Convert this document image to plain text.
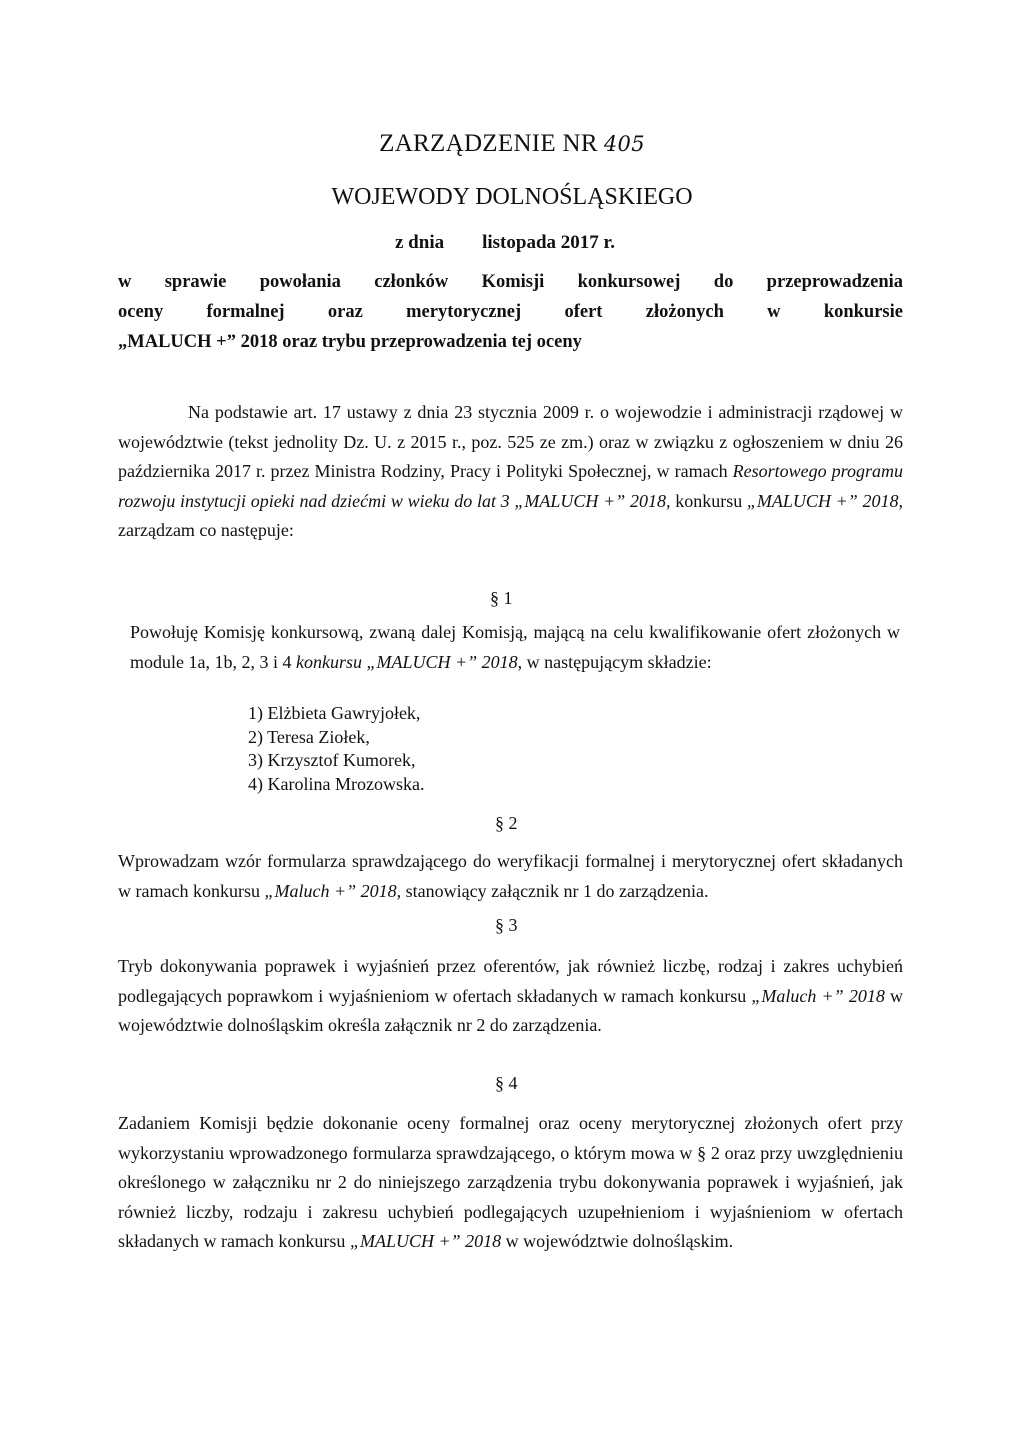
ZARZĄDZENIE NR 405
WOJEWODY DOLNOŚLĄSKIEGO
z dnia        listopada 2017 r.
w sprawie powołania członków Komisji konkursowej do przeprowadzenia
oceny formalnej oraz merytorycznej ofert złożonych w konkursie
„MALUCH +” 2018 oraz trybu przeprowadzenia tej oceny
Na podstawie art. 17 ustawy z dnia 23 stycznia 2009 r. o wojewodzie i administracji rządowej w województwie (tekst jednolity Dz. U. z 2015 r., poz. 525 ze zm.) oraz w związku z ogłoszeniem w dniu 26 października 2017 r. przez Ministra Rodziny, Pracy i Polityki Społecznej, w ramach Resortowego programu rozwoju instytucji opieki nad dziećmi w wieku do lat 3 „MALUCH +” 2018, konkursu „MALUCH +” 2018, zarządzam co następuje:
§ 1
Powołuję Komisję konkursową, zwaną dalej Komisją, mającą na celu kwalifikowanie ofert złożonych w module 1a, 1b, 2, 3 i 4 konkursu „MALUCH +” 2018, w następującym składzie:
1) Elżbieta Gawryjołek,
2) Teresa Ziołek,
3) Krzysztof Kumorek,
4) Karolina Mrozowska.
§ 2
Wprowadzam wzór formularza sprawdzającego do weryfikacji formalnej i merytorycznej ofert składanych w ramach konkursu „Maluch +” 2018, stanowiący załącznik nr 1 do zarządzenia.
§ 3
Tryb dokonywania poprawek i wyjaśnień przez oferentów, jak również liczbę, rodzaj i zakres uchybień podlegających poprawkom i wyjaśnieniom w ofertach składanych w ramach konkursu „Maluch +” 2018 w województwie dolnośląskim określa załącznik nr 2 do zarządzenia.
§ 4
Zadaniem Komisji będzie dokonanie oceny formalnej oraz oceny merytorycznej złożonych ofert przy wykorzystaniu wprowadzonego formularza sprawdzającego, o którym mowa w § 2 oraz przy uwzględnieniu określonego w załączniku nr 2 do niniejszego zarządzenia trybu dokonywania poprawek i wyjaśnień, jak również liczby, rodzaju i zakresu uchybień podlegających uzupełnieniom i wyjaśnieniom w ofertach składanych w ramach konkursu „MALUCH +” 2018 w województwie dolnośląskim.
